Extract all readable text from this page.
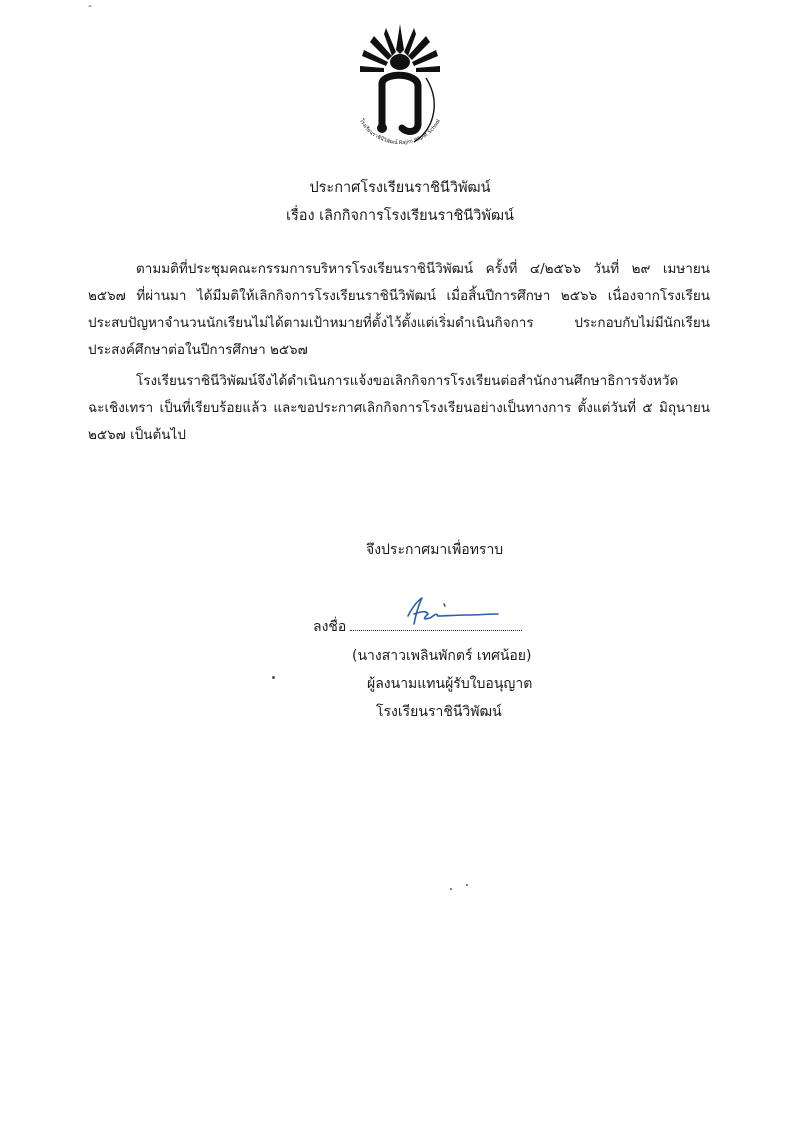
-
โรงเรียนราชินีวิพัฒน์ Rajini Wipat School
ประกาศโรงเรียนราชินีวิพัฒน์
เรื่อง เลิกกิจการโรงเรียนราชินีวิพัฒน์
ตามมติที่ประชุมคณะกรรมการบริหารโรงเรียนราชินีวิพัฒน์ ครั้งที่ ๔/๒๕๖๖ วันที่ ๒๙ เมษายน ๒๕๖๗ ที่ผ่านมา ได้มีมติให้เลิกกิจการโรงเรียนราชินีวิพัฒน์ เมื่อสิ้นปีการศึกษา ๒๕๖๖ เนื่องจากโรงเรียนประสบปัญหาจำนวนนักเรียนไม่ได้ตามเป้าหมายที่ตั้งไว้ตั้งแต่เริ่มดำเนินกิจการ ประกอบกับไม่มีนักเรียนประสงค์ศึกษาต่อในปีการศึกษา ๒๕๖๗
โรงเรียนราชินีวิพัฒน์จึงได้ดำเนินการแจ้งขอเลิกกิจการโรงเรียนต่อสำนักงานศึกษาธิการจังหวัดฉะเชิงเทรา เป็นที่เรียบร้อยแล้ว และขอประกาศเลิกกิจการโรงเรียนอย่างเป็นทางการ ตั้งแต่วันที่ ๕ มิถุนายน ๒๕๖๗ เป็นต้นไป
จึงประกาศมาเพื่อทราบ
ลงชื่อ
(นางสาวเพลินพักตร์ เทศน้อย)
ผู้ลงนามแทนผู้รับใบอนุญาต
โรงเรียนราชินีวิพัฒน์
